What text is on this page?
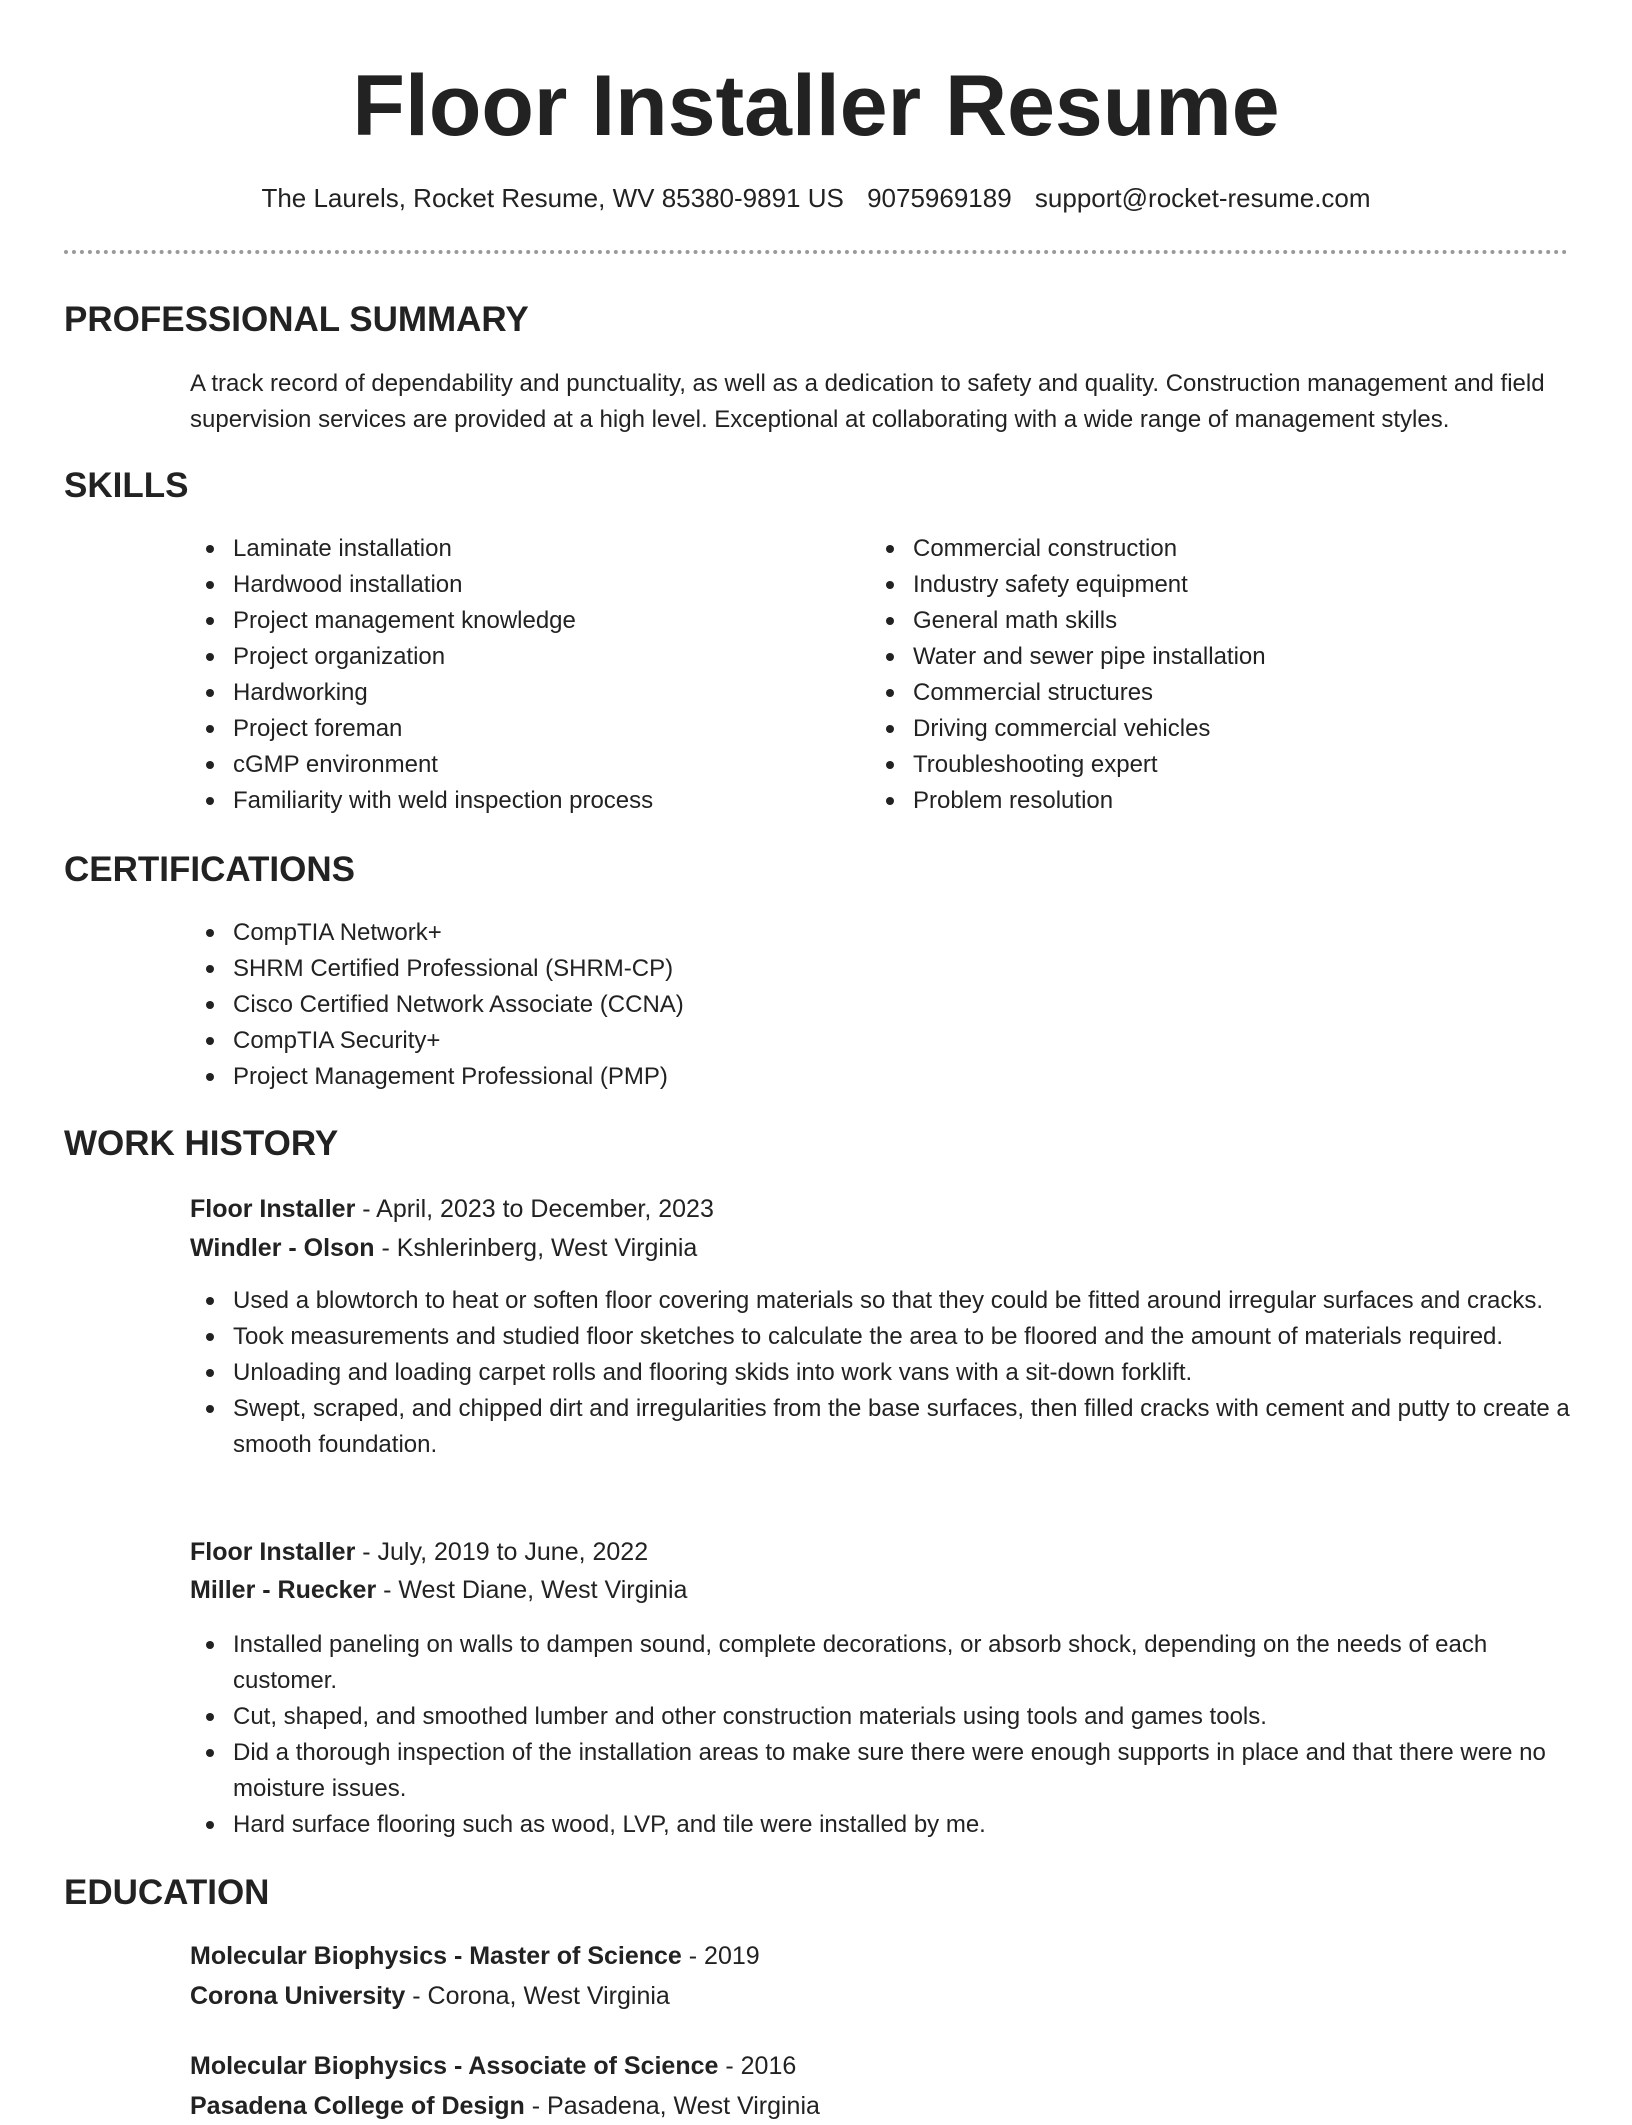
Floor Installer Resume
The Laurels, Rocket Resume, WV 85380-9891 US 9075969189 support@rocket-resume.com
PROFESSIONAL SUMMARY

A track record of dependability and punctuality, as well as a dedication to safety and quality. Construction management and field supervision services are provided at a high level. Exceptional at collaborating with a wide range of management styles.

SKILLS
Laminate installation
Hardwood installation
Project management knowledge
Project organization
Hardworking
Project foreman
cGMP environment
Familiarity with weld inspection process
Commercial construction
Industry safety equipment
General math skills
Water and sewer pipe installation
Commercial structures
Driving commercial vehicles
Troubleshooting expert
Problem resolution
CERTIFICATIONS
CompTIA Network+
SHRM Certified Professional (SHRM-CP)
Cisco Certified Network Associate (CCNA)
CompTIA Security+
Project Management Professional (PMP)
WORK HISTORY
Floor Installer - April, 2023 to December, 2023
Windler - Olson - Kshlerinberg, West Virginia
Used a blowtorch to heat or soften floor covering materials so that they could be fitted around irregular surfaces and cracks.
Took measurements and studied floor sketches to calculate the area to be floored and the amount of materials required.
Unloading and loading carpet rolls and flooring skids into work vans with a sit-down forklift.
Swept, scraped, and chipped dirt and irregularities from the base surfaces, then filled cracks with cement and putty to create a smooth foundation.
Floor Installer - July, 2019 to June, 2022
Miller - Ruecker - West Diane, West Virginia
Installed paneling on walls to dampen sound, complete decorations, or absorb shock, depending on the needs of each customer.
Cut, shaped, and smoothed lumber and other construction materials using tools and games tools.
Did a thorough inspection of the installation areas to make sure there were enough supports in place and that there were no moisture issues.
Hard surface flooring such as wood, LVP, and tile were installed by me.
EDUCATION
Molecular Biophysics - Master of Science - 2019
Corona University - Corona, West Virginia
Molecular Biophysics - Associate of Science - 2016
Pasadena College of Design - Pasadena, West Virginia
